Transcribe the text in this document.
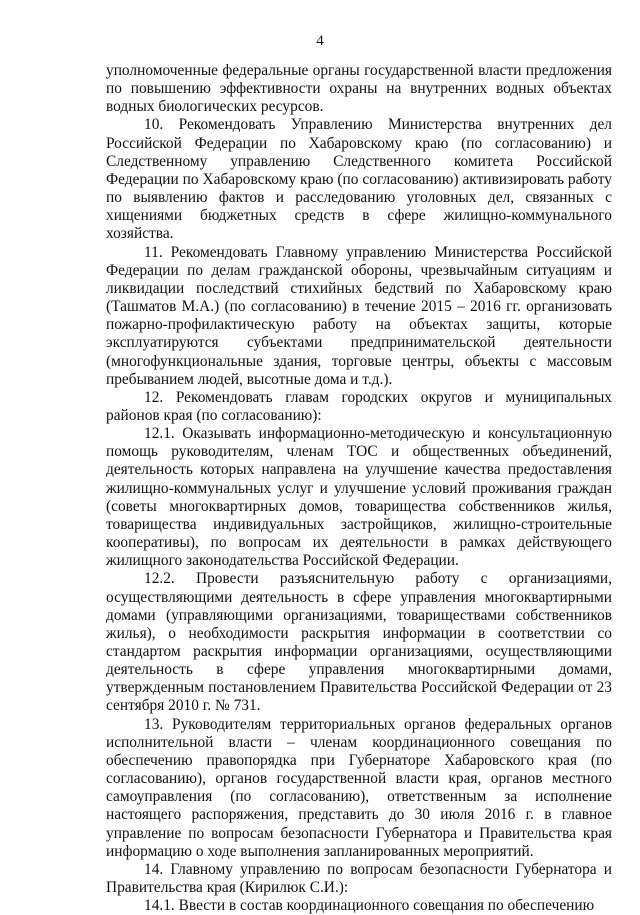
4

уполномоченные федеральные органы государственной власти предложения по повышению эффективности охраны на внутренних водных объектах водных биологических ресурсов.

10. Рекомендовать Управлению Министерства внутренних дел Российской Федерации по Хабаровскому краю (по согласованию) и Следственному управлению Следственного комитета Российской Федерации по Хабаровскому краю (по согласованию) активизировать работу по выявлению фактов и расследованию уголовных дел, связанных с хищениями бюджетных средств в сфере жилищно-коммунального хозяйства.

11. Рекомендовать Главному управлению Министерства Российской Федерации по делам гражданской обороны, чрезвычайным ситуациям и ликвидации последствий стихийных бедствий по Хабаровскому краю (Ташматов М.А.) (по согласованию) в течение 2015 – 2016 гг. организовать пожарно-профилактическую работу на объектах защиты, которые эксплуатируются субъектами предпринимательской деятельности (многофункциональные здания, торговые центры, объекты с массовым пребыванием людей, высотные дома и т.д.).

12. Рекомендовать главам городских округов и муниципальных районов края (по согласованию):

12.1. Оказывать информационно-методическую и консультационную помощь руководителям, членам ТОС и общественных объединений, деятельность которых направлена на улучшение качества предоставления жилищно-коммунальных услуг и улучшение условий проживания граждан (советы многоквартирных домов, товарищества собственников жилья, товарищества индивидуальных застройщиков, жилищно-строительные кооперативы), по вопросам их деятельности в рамках действующего жилищного законодательства Российской Федерации.

12.2. Провести разъяснительную работу с организациями, осуществляющими деятельность в сфере управления многоквартирными домами (управляющими организациями, товариществами собственников жилья), о необходимости раскрытия информации в соответствии со стандартом раскрытия информации организациями, осуществляющими деятельность в сфере управления многоквартирными домами, утвержденным постановлением Правительства Российской Федерации от 23 сентября 2010 г. № 731.

13. Руководителям территориальных органов федеральных органов исполнительной власти – членам координационного совещания по обеспечению правопорядка при Губернаторе Хабаровского края (по согласованию), органов государственной власти края, органов местного самоуправления (по согласованию), ответственным за исполнение настоящего распоряжения, представить до 30 июля 2016 г. в главное управление по вопросам безопасности Губернатора и Правительства края информацию о ходе выполнения запланированных мероприятий.

14. Главному управлению по вопросам безопасности Губернатора и Правительства края (Кирилюк С.И.):

14.1. Ввести в состав координационного совещания по обеспечению
